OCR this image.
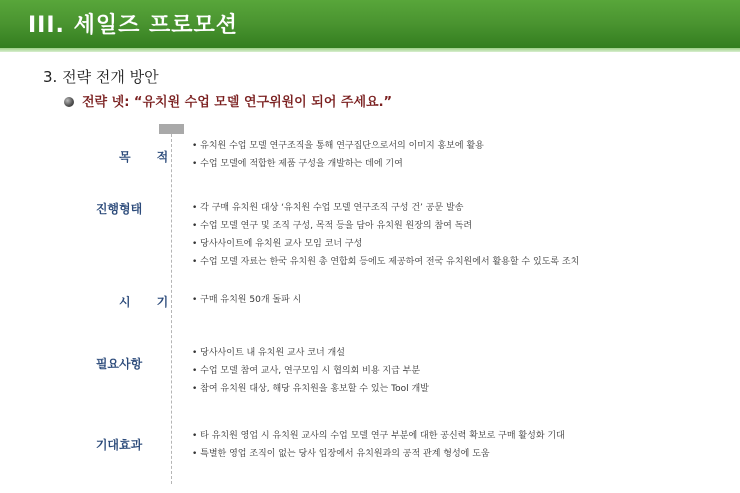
III. 세일즈 프로모션
3. 전략 전개 방안
전략 넷: “유치원 수업 모델 연구위원이 되어 주세요.”
목적
• 유치원 수업 모델 연구조직을 통해 연구집단으로서의 이미지 홍보에 활용
• 수업 모델에 적합한 제품 구성을 개발하는 데에 기여
진행형태	• 각 구매 유치원 대상 ‘유치원 수업 모델 연구조직 구성 건’ 공문 발송
• 수업 모델 연구 및 조직 구성, 목적 등을 담아 유치원 원장의 참여 독려
• 당사사이트에 유치원 교사 모임 코너 구성
• 수업 모델 자료는 한국 유치원 총 연합회 등에도 제공하여 전국 유치원에서 활용할 수 있도록 조치
시기 • 구매 유치원 50개 돌파 시
필요사항
• 당사사이트 내 유치원 교사 코너 개설
• 수업 모델 참여 교사, 연구모임 시 협의회 비용 지급 부분
• 참여 유치원 대상, 해당 유치원을 홍보할 수 있는 Tool 개발
기대효과
• 타 유치원 영업 시 유치원 교사의 수업 모델 연구 부분에 대한 공신력 확보로 구매 활성화 기대
• 특별한 영업 조직이 없는 당사 입장에서 유치원과의 공적 관계 형성에 도움
